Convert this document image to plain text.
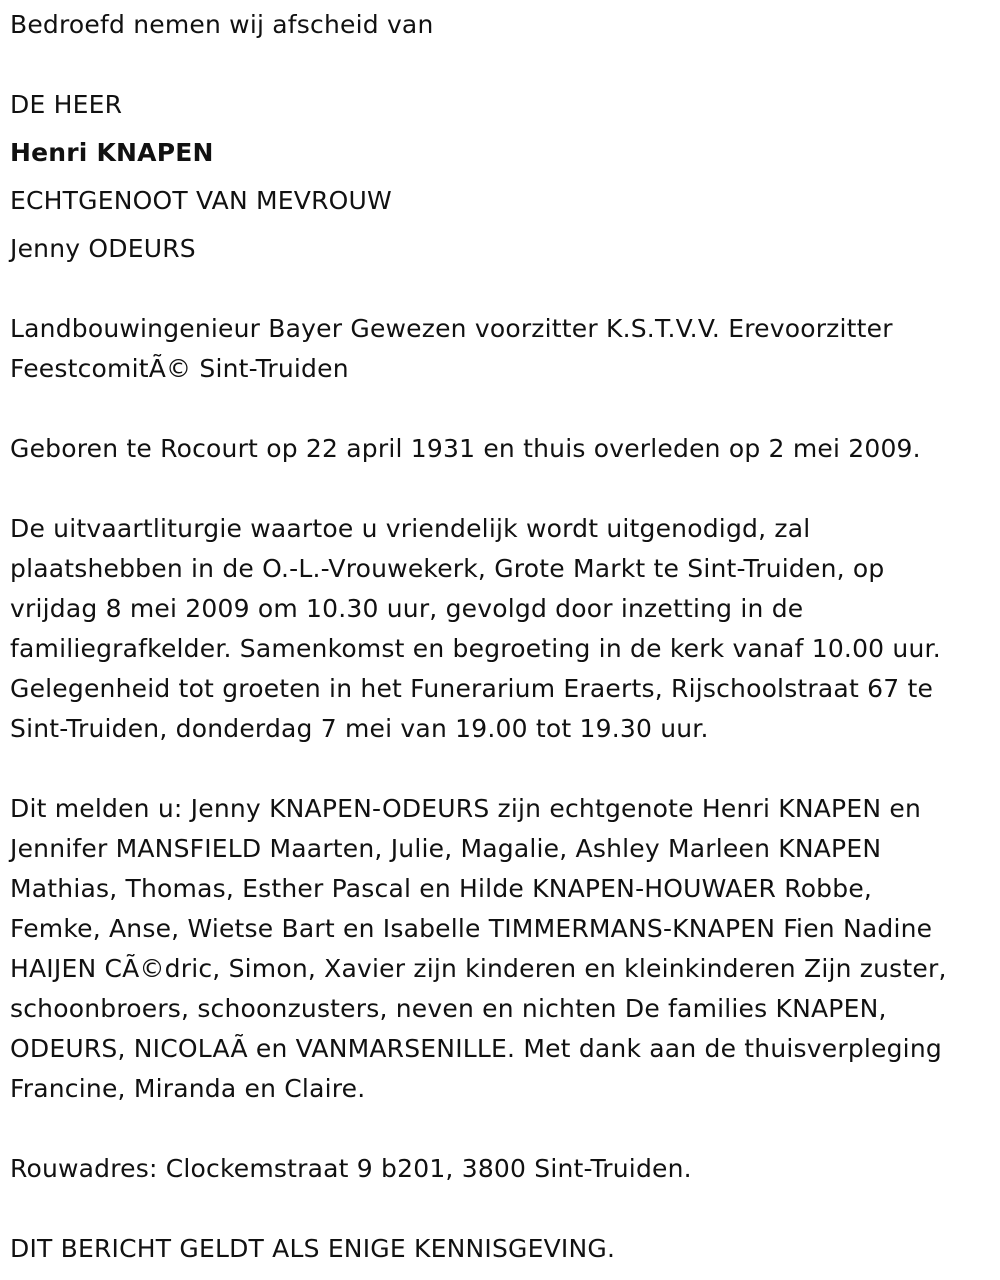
Bedroefd nemen wij afscheid van
DE HEER
Henri KNAPEN
ECHTGENOOT VAN MEVROUW
Jenny ODEURS
Landbouwingenieur Bayer Gewezen voorzitter K.S.T.V.V. Erevoorzitter
FeestcomitÃ© Sint-Truiden
Geboren te Rocourt op 22 april 1931 en thuis overleden op 2 mei 2009.
De uitvaartliturgie waartoe u vriendelijk wordt uitgenodigd, zal
plaatshebben in de O.-L.-Vrouwekerk, Grote Markt te Sint-Truiden, op
vrijdag 8 mei 2009 om 10.30 uur, gevolgd door inzetting in de
familiegrafkelder. Samenkomst en begroeting in de kerk vanaf 10.00 uur.
Gelegenheid tot groeten in het Funerarium Eraerts, Rijschoolstraat 67 te
Sint-Truiden, donderdag 7 mei van 19.00 tot 19.30 uur.
Dit melden u: Jenny KNAPEN-ODEURS zijn echtgenote Henri KNAPEN en
Jennifer MANSFIELD Maarten, Julie, Magalie, Ashley Marleen KNAPEN
Mathias, Thomas, Esther Pascal en Hilde KNAPEN-HOUWAER Robbe,
Femke, Anse, Wietse Bart en Isabelle TIMMERMANS-KNAPEN Fien Nadine
HAIJEN CÃ©dric, Simon, Xavier zijn kinderen en kleinkinderen Zijn zuster,
schoonbroers, schoonzusters, neven en nichten De families KNAPEN,
ODEURS, NICOLAÃ en VANMARSENILLE. Met dank aan de thuisverpleging
Francine, Miranda en Claire.
Rouwadres: Clockemstraat 9 b201, 3800 Sint-Truiden.
DIT BERICHT GELDT ALS ENIGE KENNISGEVING.
